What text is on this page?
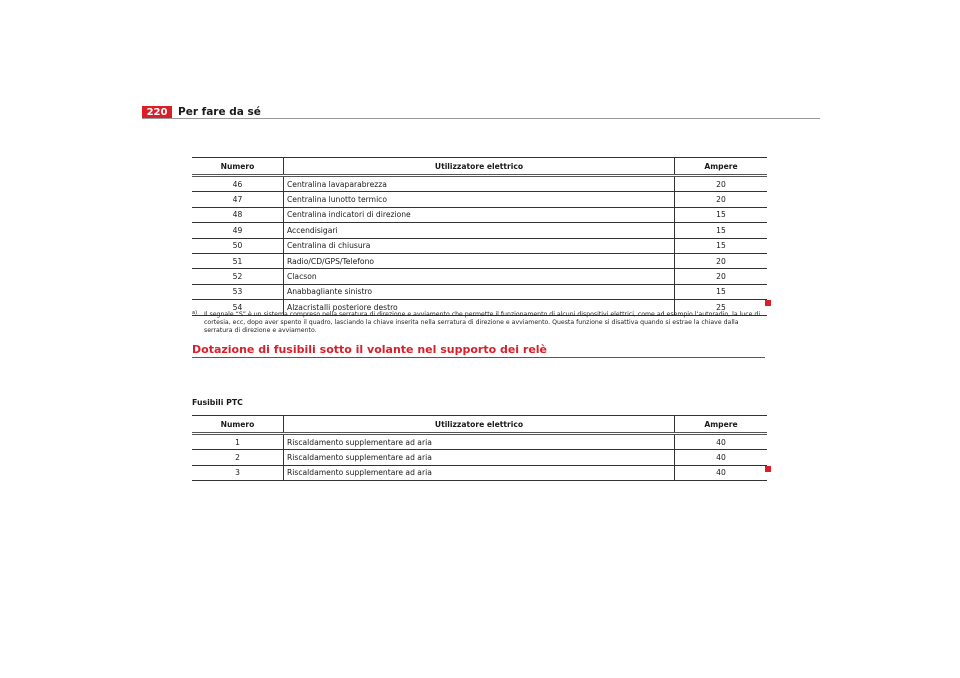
220	Per fare da sé
Numero	Utilizzatore elettrico	Ampere
46	Centralina lavaparabrezza	20
47	Centralina lunotto termico	20
48	Centralina indicatori di direzione	15
49	Accendisigari	15
50	Centralina di chiusura	15
51	Radio/CD/GPS/Telefono	20
52	Clacson	20
53	Anabbagliante sinistro	15
54	Alzacristalli posteriore destro	25
a) Il segnale “S” è un sistema compreso nella serratura di direzione e avviamento che permette il funzionamento di alcuni dispositivi elettrici, come ad esempio l’autoradio, la luce di cortesia, ecc, dopo aver spento il quadro, lasciando la chiave inserita nella serratura di direzione e avviamento. Questa funzione si disattiva quando si estrae la chiave dalla serratura di direzione e avviamento.
Dotazione di fusibili sotto il volante nel supporto dei relè
Fusibili PTC
Numero	Utilizzatore elettrico	Ampere
1	Riscaldamento supplementare ad aria	40
2	Riscaldamento supplementare ad aria	40
3	Riscaldamento supplementare ad aria	40
